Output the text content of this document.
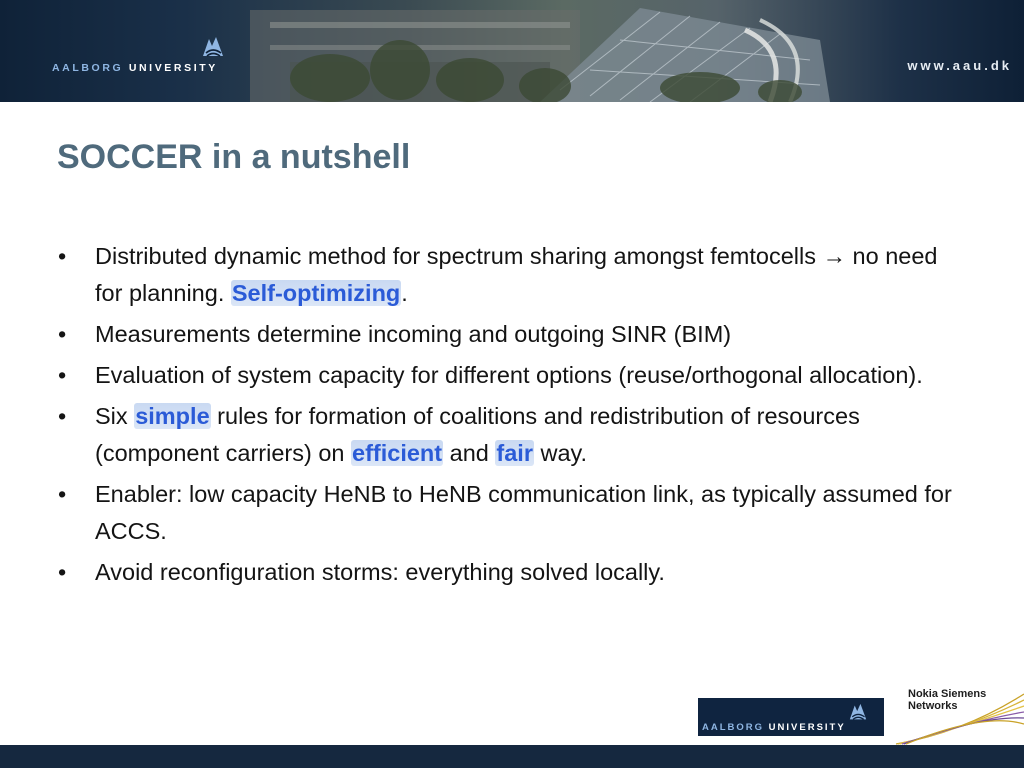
AALBORG UNIVERSITY	www.aau.dk
SOCCER in a nutshell
• Distributed dynamic method for spectrum sharing amongst femtocells → no need for planning. Self-optimizing.
• Measurements determine incoming and outgoing SINR (BIM)
• Evaluation of system capacity for different options (reuse/orthogonal allocation).
• Six simple rules for formation of coalitions and redistribution of resources (component carriers) on efficient and fair way.
• Enabler: low capacity HeNB to HeNB communication link, as typically assumed for ACCS.
• Avoid reconfiguration storms: everything solved locally.
AALBORG UNIVERSITY
Nokia Siemens
Networks
